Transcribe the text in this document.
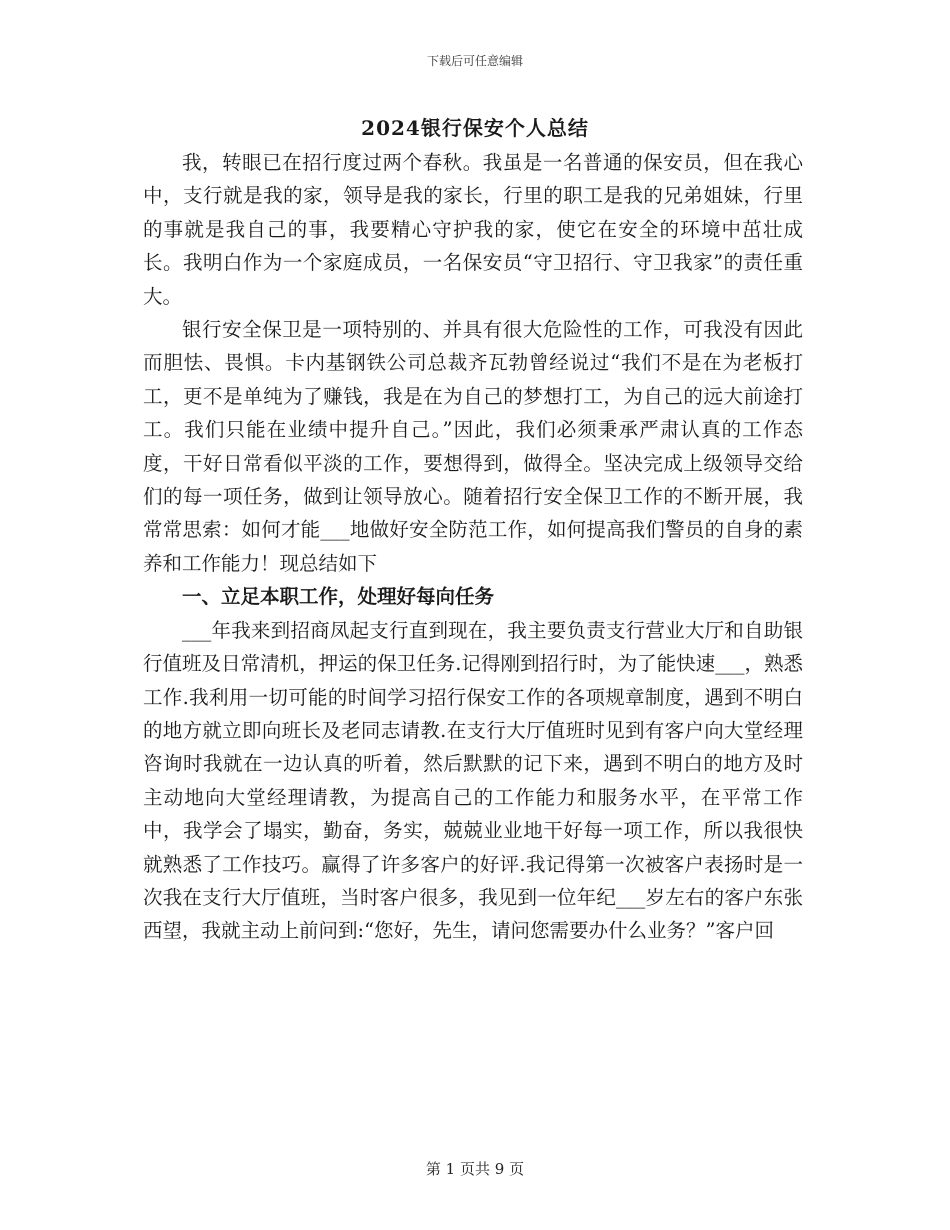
下载后可任意编辑
2024银行保安个人总结

我，转眼已在招行度过两个春秋。我虽是一名普通的保安员，但在我心中，支行就是我的家，领导是我的家长，行里的职工是我的兄弟姐妹，行里的事就是我自己的事，我要精心守护我的家，使它在安全的环境中茁壮成长。我明白作为一个家庭成员，一名保安员“守卫招行、守卫我家”的责任重大。

银行安全保卫是一项特别的、并具有很大危险性的工作，可我没有因此而胆怯、畏惧。卡内基钢铁公司总裁齐瓦勃曾经说过“我们不是在为老板打工，更不是单纯为了赚钱，我是在为自己的梦想打工，为自己的远大前途打工。我们只能在业绩中提升自己。”因此，我们必须秉承严肃认真的工作态度，干好日常看似平淡的工作，要想得到，做得全。坚决完成上级领导交给们的每一项任务，做到让领导放心。随着招行安全保卫工作的不断开展，我常常思索：如何才能___地做好安全防范工作，如何提高我们警员的自身的素养和工作能力！现总结如下

一、立足本职工作，处理好每向任务

___年我来到招商凤起支行直到现在，我主要负责支行营业大厅和自助银行值班及日常清机，押运的保卫任务.记得刚到招行时，为了能快速___，熟悉工作.我利用一切可能的时间学习招行保安工作的各项规章制度，遇到不明白的地方就立即向班长及老同志请教.在支行大厅值班时见到有客户向大堂经理咨询时我就在一边认真的听着，然后默默的记下来，遇到不明白的地方及时主动地向大堂经理请教，为提高自己的工作能力和服务水平，在平常工作中，我学会了塌实，勤奋，务实，兢兢业业地干好每一项工作，所以我很快就熟悉了工作技巧。赢得了许多客户的好评.我记得第一次被客户表扬时是一次我在支行大厅值班，当时客户很多，我见到一位年纪___岁左右的客户东张西望，我就主动上前问到:“您好，先生，请问您需要办什么业务？”客户回

第 1 页共 9 页
